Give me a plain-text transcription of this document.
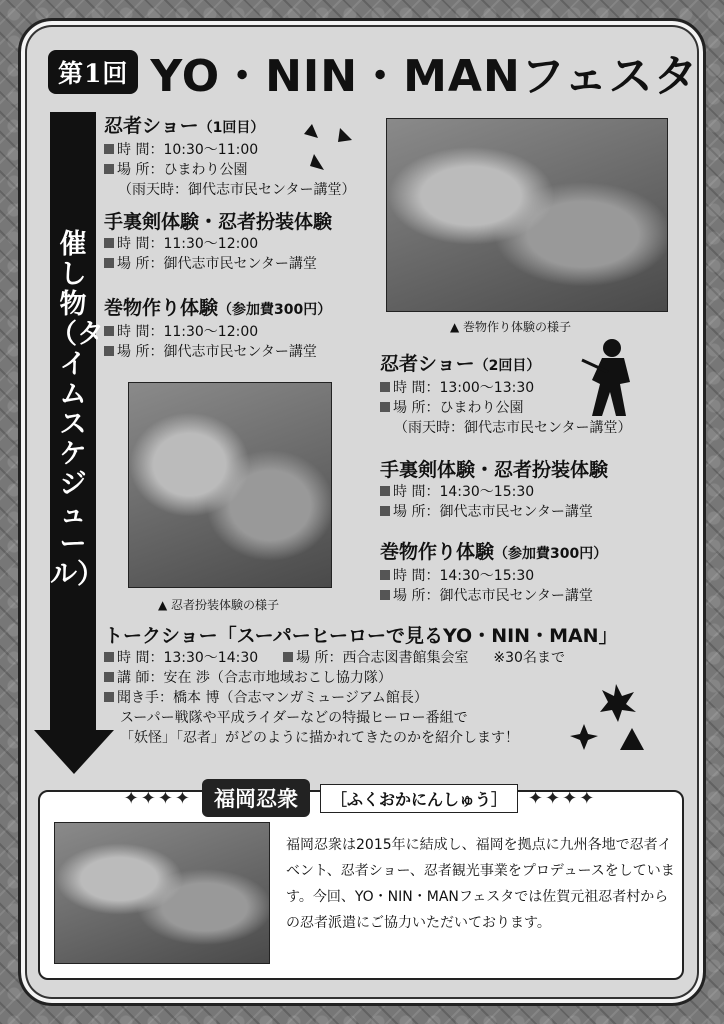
第1回 YO・NIN・MANフェスタ
催し物（タイムスケジュール）
忍者ショー（1回目）
時 間：10:30〜11:00
場 所：ひまわり公園
（雨天時：御代志市民センター講堂）
手裏剣体験・忍者扮装体験
時 間：11:30〜12:00
場 所：御代志市民センター講堂
巻物作り体験（参加費300円）
時 間：11:30〜12:00
場 所：御代志市民センター講堂
▲ 巻物作り体験の様子
▲ 忍者扮装体験の様子
忍者ショー（2回目）
時 間：13:00〜13:30
場 所：ひまわり公園
（雨天時：御代志市民センター講堂）
手裏剣体験・忍者扮装体験
時 間：14:30〜15:30
場 所：御代志市民センター講堂
巻物作り体験（参加費300円）
時 間：14:30〜15:30
場 所：御代志市民センター講堂
トークショー「スーパーヒーローで見るYO・NIN・MAN」
時 間：13:30〜14:30	場 所：西合志図書館集会室 ※30名まで
講 師：安在 渉（合志市地域おこし協力隊）
聞き手：橋本 博（合志マンガミュージアム館長）
スーパー戦隊や平成ライダーなどの特撮ヒーロー番組で
「妖怪」「忍者」がどのように描かれてきたのかを紹介します！
✦✦✦✦	福岡忍衆	［ふくおかにんしゅう］	✦✦✦✦
福岡忍衆は2015年に結成し、福岡を拠点に九州各地で忍者イベント、忍者ショー、忍者観光事業をプロデュースをしています。今回、YO・NIN・MANフェスタでは佐賀元祖忍者村からの忍者派遣にご協力いただいております。
